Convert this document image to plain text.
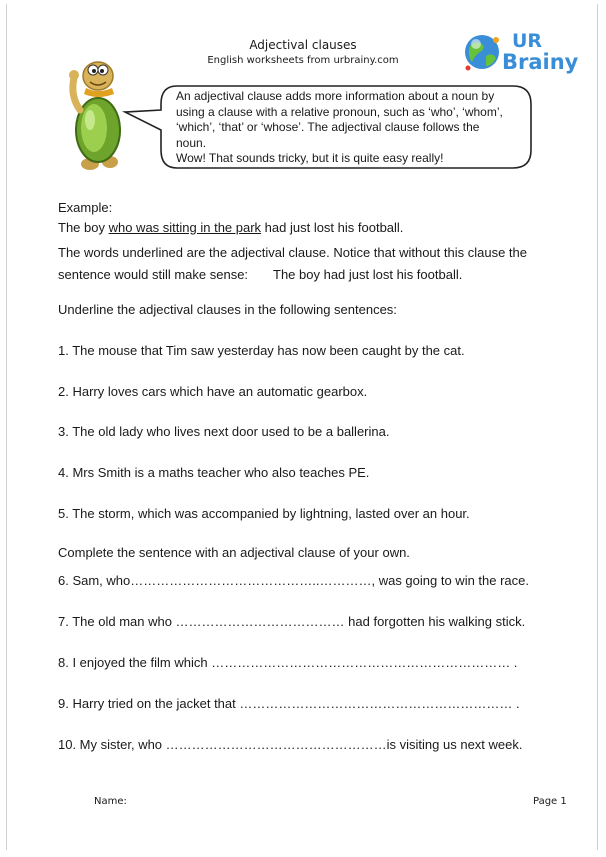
Adjectival clauses
English worksheets from urbrainy.com
UR
Brainy
An adjectival clause adds more information about a noun by
using a clause with a relative pronoun, such as ‘who’, ‘whom’,
‘which’, ‘that’ or ‘whose’. The adjectival clause follows the
noun.
Wow! That sounds tricky, but it is quite easy really!
Example:
The boy who was sitting in the park had just lost his football.
The words underlined are the adjectival clause. Notice that without this clause the
sentence would still make sense: The boy had just lost his football.
Underline the adjectival clauses in the following sentences:
1. The mouse that Tim saw yesterday has now been caught by the cat.
2. Harry loves cars which have an automatic gearbox.
3. The old lady who lives next door used to be a ballerina.
4. Mrs Smith is a maths teacher who also teaches PE.
5. The storm, which was accompanied by lightning, lasted over an hour.
Complete the sentence with an adjectival clause of your own.
6. Sam, who……………………………………..…………, was going to win the race.
7. The old man who ………………………………… had forgotten his walking stick.
8. I enjoyed the film which …………………………………………………………… .
9. Harry tried on the jacket that ……………………………………………………… .
10. My sister, who ……………………………………………is visiting us next week.
Name:	Page 1
